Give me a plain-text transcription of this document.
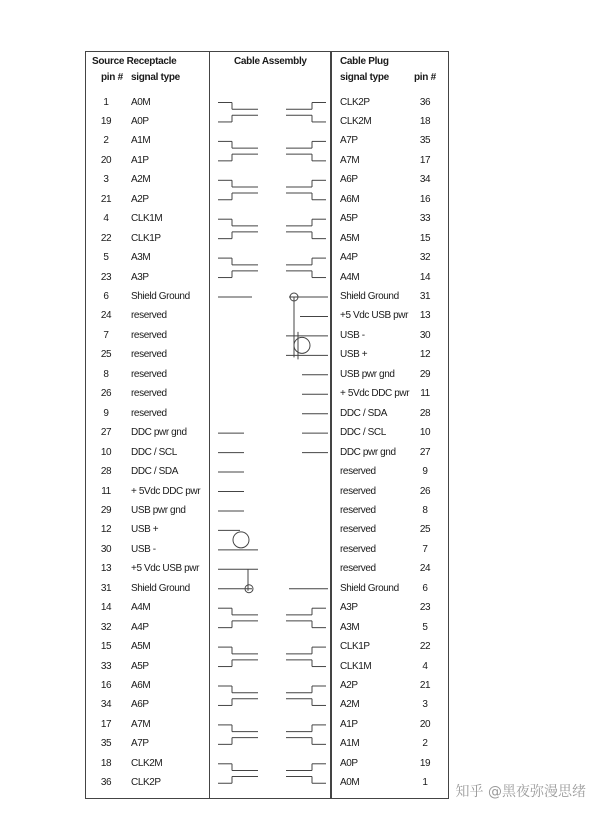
Source Receptacle
pin # signal type
Cable Assembly	Cable Plug
signal type	pin #
1	A0M	CLK2P	36
19	A0P	CLK2M	18
2	A1M	A7P	35
20	A1P	A7M	17
3	A2M	A6P	34
21	A2P	A6M	16
4	CLK1M	A5P	33
22	CLK1P	A5M	15
5	A3M	A4P	32
23	A3P	A4M	14
6	Shield Ground	Shield Ground	31
24	reserved	+5 Vdc USB pwr	13
7	reserved	USB -	30
25	reserved	USB +	12
8	reserved	USB pwr gnd	29
26	reserved	+ 5Vdc DDC pwr	11
9	reserved	DDC / SDA	28
27	DDC pwr gnd	DDC / SCL	10
10	DDC / SCL	DDC pwr gnd	27
28	DDC / SDA	reserved	9
11	+ 5Vdc DDC pwr	reserved	26
29	USB pwr gnd	reserved	8
12	USB +	reserved	25
30	USB -	reserved	7
13	+5 Vdc USB pwr	reserved	24
31	Shield Ground	Shield Ground	6
14	A4M	A3P	23
32	A4P	A3M	5
15	A5M	CLK1P	22
33	A5P	CLK1M	4
16	A6M	A2P	21
34	A6P	A2M	3
17	A7M	A1P	20
35	A7P	A1M	2
18	CLK2M	A0P	19
36	CLK2P	A0M	1
知乎 @黑夜弥漫思绪
